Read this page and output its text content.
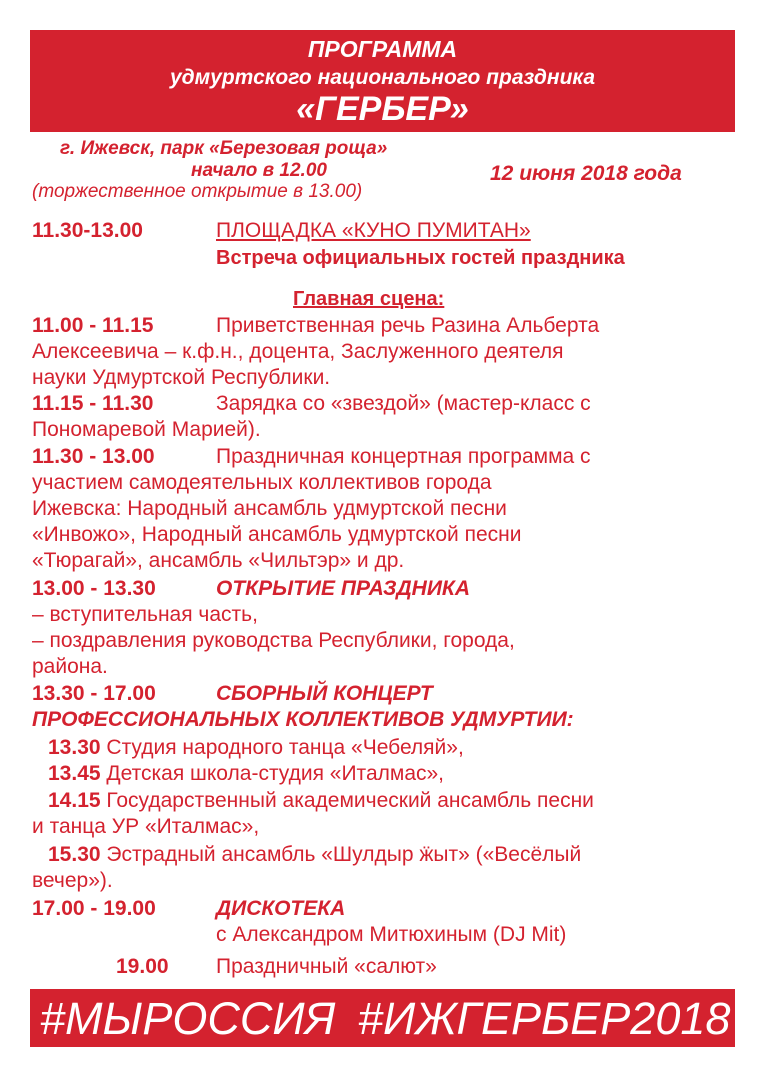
ПРОГРАММА
удмуртского национального праздника
«ГЕРБЕР»
г. Ижевск, парк «Березовая роща»
начало в 12.00
(торжественное открытие в 13.00)
12 июня 2018 года
11.30-13.00	ПЛОЩАДКА «КУНО ПУМИТАН»
Встреча официальных гостей праздника
Главная сцена:
11.00 - 11.15	Приветственная речь Разина Альберта
Алексеевича – к.ф.н., доцента, Заслуженного деятеля
науки Удмуртской Республики.
11.15 - 11.30	Зарядка со «звездой» (мастер-класс с
Пономаревой Марией).
11.30 - 13.00	Праздничная концертная программа с
участием самодеятельных коллективов города
Ижевска: Народный ансамбль удмуртской песни
«Инвожо», Народный ансамбль удмуртской песни
«Тюрагай», ансамбль «Чильтэр» и др.
13.00 - 13.30	ОТКРЫТИЕ ПРАЗДНИКА
– вступительная часть,
– поздравления руководства Республики, города,
района.
13.30 - 17.00	СБОРНЫЙ КОНЦЕРТ
ПРОФЕССИОНАЛЬНЫХ КОЛЛЕКТИВОВ УДМУРТИИ:
13.30 Студия народного танца «Чебеляй»,
13.45 Детская школа-студия «Италмас»,
14.15 Государственный академический ансамбль песни
и танца УР «Италмас»,
15.30 Эстрадный ансамбль «Шулдыр ӝыт» («Весёлый
вечер»).
17.00 - 19.00	ДИСКОТЕКА
с Александром Митюхиным (DJ Mit)
19.00 Праздничный «салют»
#МЫРОССИЯ #ИЖГЕРБЕР2018
